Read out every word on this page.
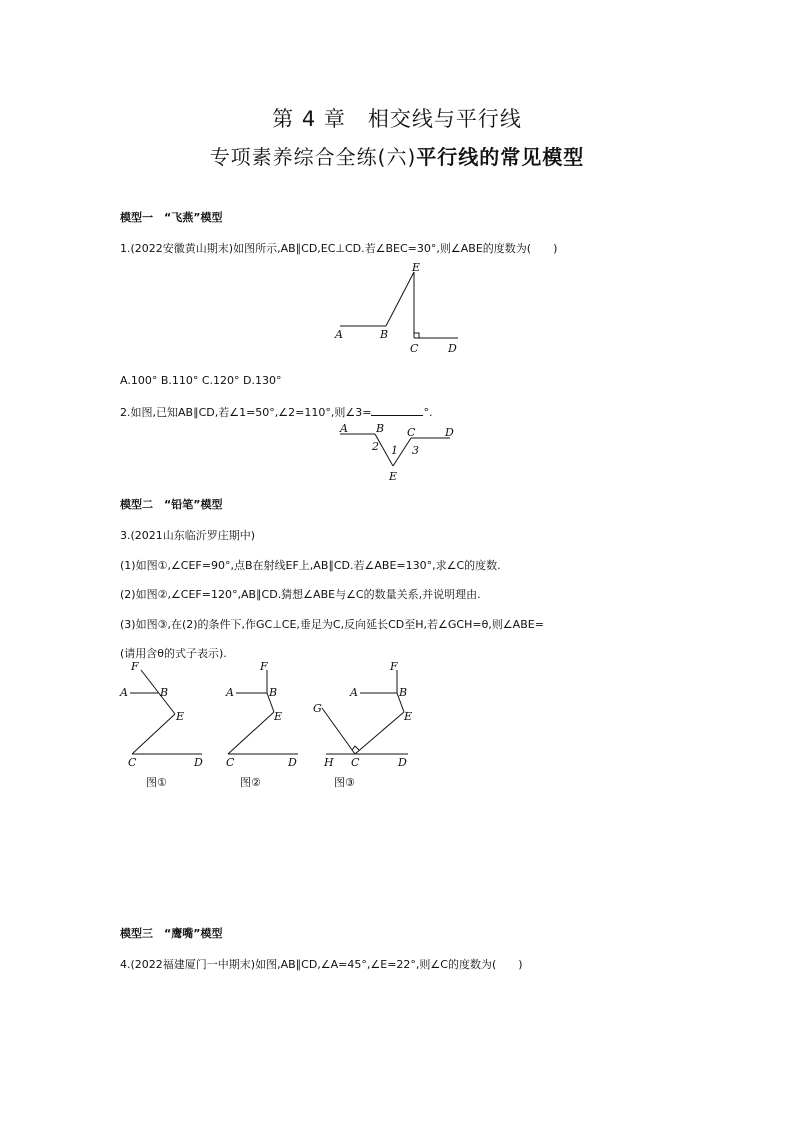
第 4 章　相交线与平行线
专项素养综合全练(六)平行线的常见模型
模型一　“飞燕”模型
1.(2022安徽黄山期末)如图所示,AB∥CD,EC⊥CD.若∠BEC=30°,则∠ABE的度数为(　　)
A	B
E
C	D
A.100° B.110° C.120° D.130°
2.如图,已知AB∥CD,若∠1=50°,∠2=110°,则∠3=	°.
A	B C	D
E
1
2	3
模型二　“铅笔”模型
3.(2021山东临沂罗庄期中)
(1)如图①,∠CEF=90°,点B在射线EF上,AB∥CD.若∠ABE=130°,求∠C的度数.
(2)如图②,∠CEF=120°,AB∥CD.猜想∠ABE与∠C的数量关系,并说明理由.
(3)如图③,在(2)的条件下,作GC⊥CE,垂足为C,反向延长CD至H,若∠GCH=θ,则∠ABE=
(请用含θ的式子表示).
F
A	B
E
C	D
图①
F
A	B
E
C	D
图②
F
G
A	B
E
H C	D
图③
模型三　“鹰嘴”模型
4.(2022福建厦门一中期末)如图,AB∥CD,∠A=45°,∠E=22°,则∠C的度数为(　　)
